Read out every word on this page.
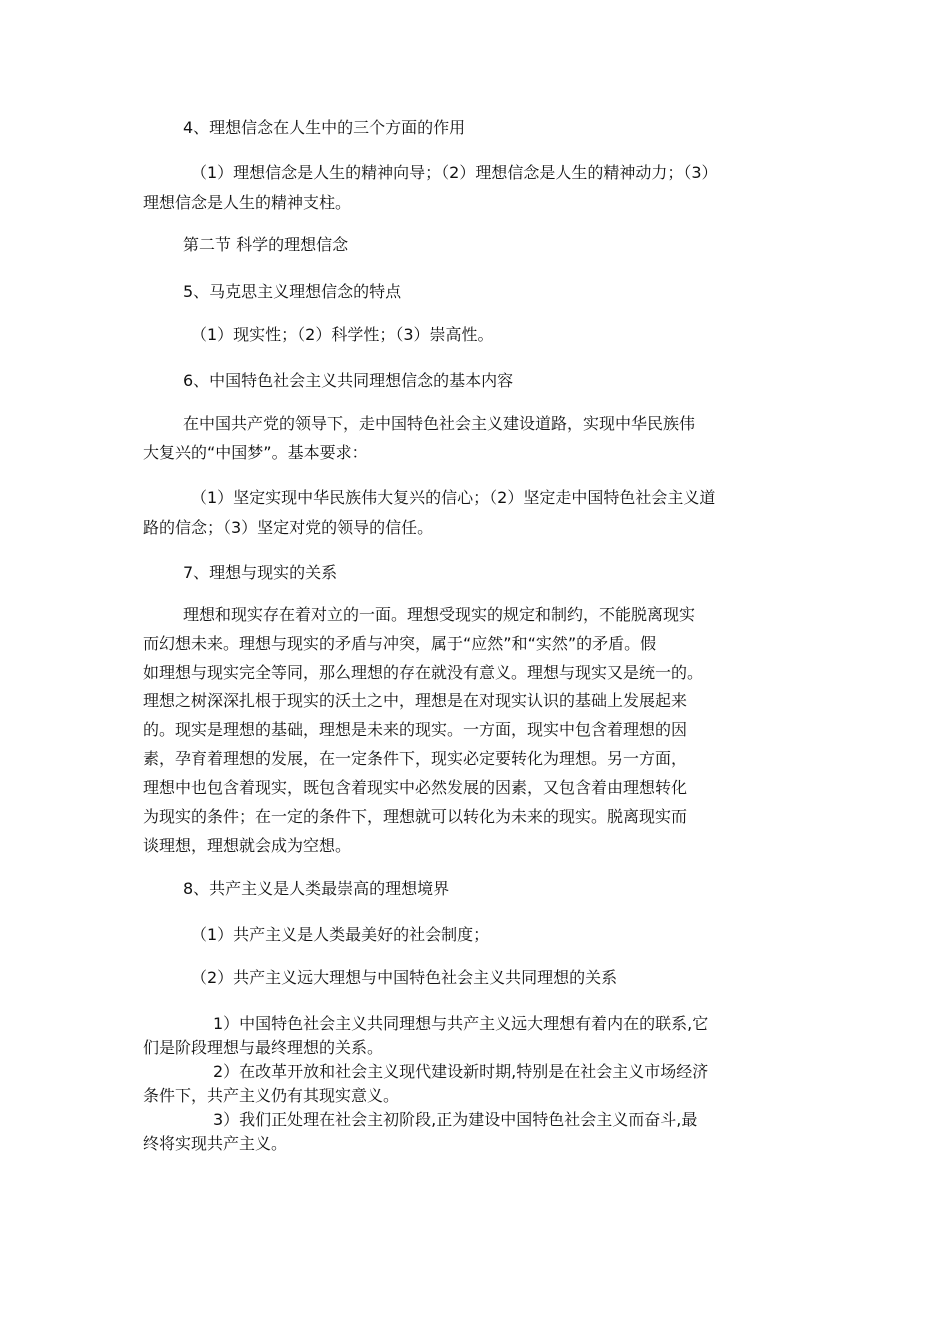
4、理想信念在人生中的三个方面的作用
（1）理想信念是人生的精神向导；（2）理想信念是人生的精神动力；（3）
理想信念是人生的精神支柱。
第二节 科学的理想信念
5、马克思主义理想信念的特点
（1）现实性；（2）科学性；（3）崇高性。
6、中国特色社会主义共同理想信念的基本内容
在中国共产党的领导下，走中国特色社会主义建设道路，实现中华民族伟
大复兴的“中国梦”。基本要求：
（1）坚定实现中华民族伟大复兴的信心；（2）坚定走中国特色社会主义道
路的信念；（3）坚定对党的领导的信任。
7、理想与现实的关系
理想和现实存在着对立的一面。理想受现实的规定和制约，不能脱离现实
而幻想未来。理想与现实的矛盾与冲突，属于“应然”和“实然”的矛盾。假
如理想与现实完全等同，那么理想的存在就没有意义。理想与现实又是统一的。
理想之树深深扎根于现实的沃土之中，理想是在对现实认识的基础上发展起来
的。现实是理想的基础，理想是未来的现实。一方面，现实中包含着理想的因
素，孕育着理想的发展，在一定条件下，现实必定要转化为理想。另一方面，
理想中也包含着现实，既包含着现实中必然发展的因素，又包含着由理想转化
为现实的条件；在一定的条件下，理想就可以转化为未来的现实。脱离现实而
谈理想，理想就会成为空想。
8、共产主义是人类最崇高的理想境界
（1）共产主义是人类最美好的社会制度；
（2）共产主义远大理想与中国特色社会主义共同理想的关系
1）中国特色社会主义共同理想与共产主义远大理想有着内在的联系,它
们是阶段理想与最终理想的关系。
2）在改革开放和社会主义现代建设新时期,特别是在社会主义市场经济
条件下，共产主义仍有其现实意义。
3）我们正处理在社会主初阶段,正为建设中国特色社会主义而奋斗,最
终将实现共产主义。
